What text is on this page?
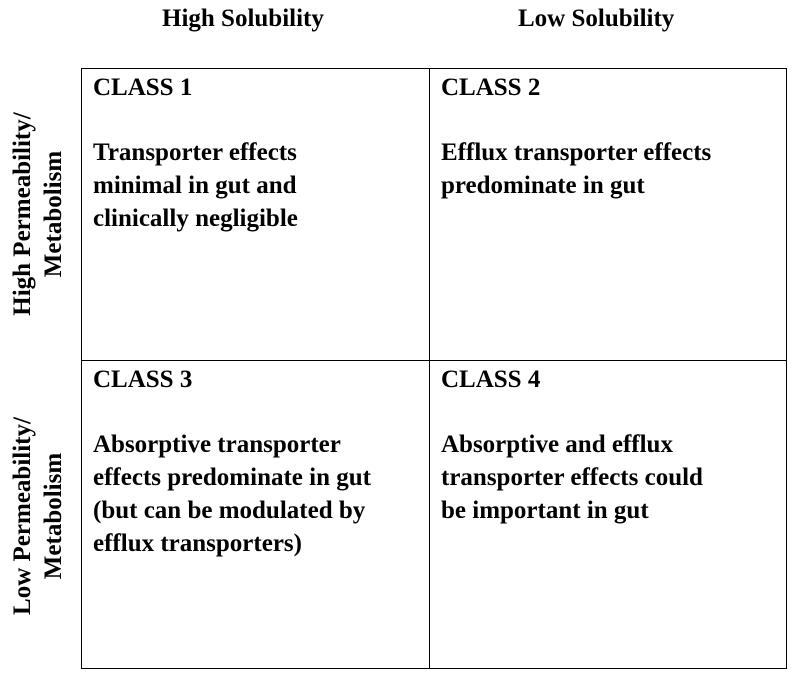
High Solubility	Low Solubility
High Permeability/ Metabolism
Low Permeability/ Metabolism
CLASS 1
Transporter effects
minimal in gut and
clinically negligible
CLASS 2
Efflux transporter effects
predominate in gut
CLASS 3
Absorptive transporter
effects predominate in gut
(but can be modulated by
efflux transporters)
CLASS 4
Absorptive and efflux
transporter effects could
be important in gut
